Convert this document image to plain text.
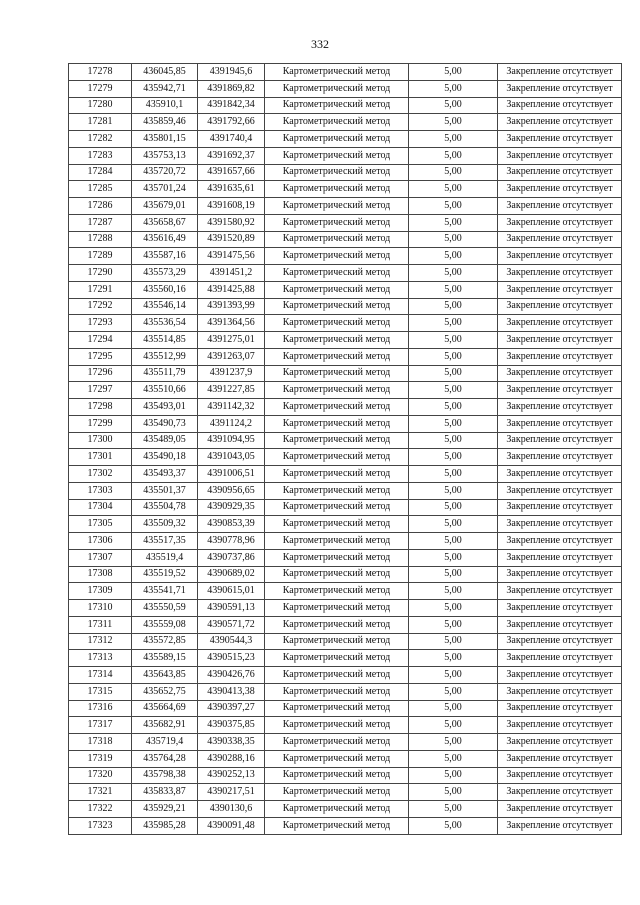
332
17278	436045,85	4391945,6	Картометрический метод	5,00	Закрепление отсутствует
17279	435942,71	4391869,82	Картометрический метод	5,00	Закрепление отсутствует
17280	435910,1	4391842,34	Картометрический метод	5,00	Закрепление отсутствует
17281	435859,46	4391792,66	Картометрический метод	5,00	Закрепление отсутствует
17282	435801,15	4391740,4	Картометрический метод	5,00	Закрепление отсутствует
17283	435753,13	4391692,37	Картометрический метод	5,00	Закрепление отсутствует
17284	435720,72	4391657,66	Картометрический метод	5,00	Закрепление отсутствует
17285	435701,24	4391635,61	Картометрический метод	5,00	Закрепление отсутствует
17286	435679,01	4391608,19	Картометрический метод	5,00	Закрепление отсутствует
17287	435658,67	4391580,92	Картометрический метод	5,00	Закрепление отсутствует
17288	435616,49	4391520,89	Картометрический метод	5,00	Закрепление отсутствует
17289	435587,16	4391475,56	Картометрический метод	5,00	Закрепление отсутствует
17290	435573,29	4391451,2	Картометрический метод	5,00	Закрепление отсутствует
17291	435560,16	4391425,88	Картометрический метод	5,00	Закрепление отсутствует
17292	435546,14	4391393,99	Картометрический метод	5,00	Закрепление отсутствует
17293	435536,54	4391364,56	Картометрический метод	5,00	Закрепление отсутствует
17294	435514,85	4391275,01	Картометрический метод	5,00	Закрепление отсутствует
17295	435512,99	4391263,07	Картометрический метод	5,00	Закрепление отсутствует
17296	435511,79	4391237,9	Картометрический метод	5,00	Закрепление отсутствует
17297	435510,66	4391227,85	Картометрический метод	5,00	Закрепление отсутствует
17298	435493,01	4391142,32	Картометрический метод	5,00	Закрепление отсутствует
17299	435490,73	4391124,2	Картометрический метод	5,00	Закрепление отсутствует
17300	435489,05	4391094,95	Картометрический метод	5,00	Закрепление отсутствует
17301	435490,18	4391043,05	Картометрический метод	5,00	Закрепление отсутствует
17302	435493,37	4391006,51	Картометрический метод	5,00	Закрепление отсутствует
17303	435501,37	4390956,65	Картометрический метод	5,00	Закрепление отсутствует
17304	435504,78	4390929,35	Картометрический метод	5,00	Закрепление отсутствует
17305	435509,32	4390853,39	Картометрический метод	5,00	Закрепление отсутствует
17306	435517,35	4390778,96	Картометрический метод	5,00	Закрепление отсутствует
17307	435519,4	4390737,86	Картометрический метод	5,00	Закрепление отсутствует
17308	435519,52	4390689,02	Картометрический метод	5,00	Закрепление отсутствует
17309	435541,71	4390615,01	Картометрический метод	5,00	Закрепление отсутствует
17310	435550,59	4390591,13	Картометрический метод	5,00	Закрепление отсутствует
17311	435559,08	4390571,72	Картометрический метод	5,00	Закрепление отсутствует
17312	435572,85	4390544,3	Картометрический метод	5,00	Закрепление отсутствует
17313	435589,15	4390515,23	Картометрический метод	5,00	Закрепление отсутствует
17314	435643,85	4390426,76	Картометрический метод	5,00	Закрепление отсутствует
17315	435652,75	4390413,38	Картометрический метод	5,00	Закрепление отсутствует
17316	435664,69	4390397,27	Картометрический метод	5,00	Закрепление отсутствует
17317	435682,91	4390375,85	Картометрический метод	5,00	Закрепление отсутствует
17318	435719,4	4390338,35	Картометрический метод	5,00	Закрепление отсутствует
17319	435764,28	4390288,16	Картометрический метод	5,00	Закрепление отсутствует
17320	435798,38	4390252,13	Картометрический метод	5,00	Закрепление отсутствует
17321	435833,87	4390217,51	Картометрический метод	5,00	Закрепление отсутствует
17322	435929,21	4390130,6	Картометрический метод	5,00	Закрепление отсутствует
17323	435985,28	4390091,48	Картометрический метод	5,00	Закрепление отсутствует
